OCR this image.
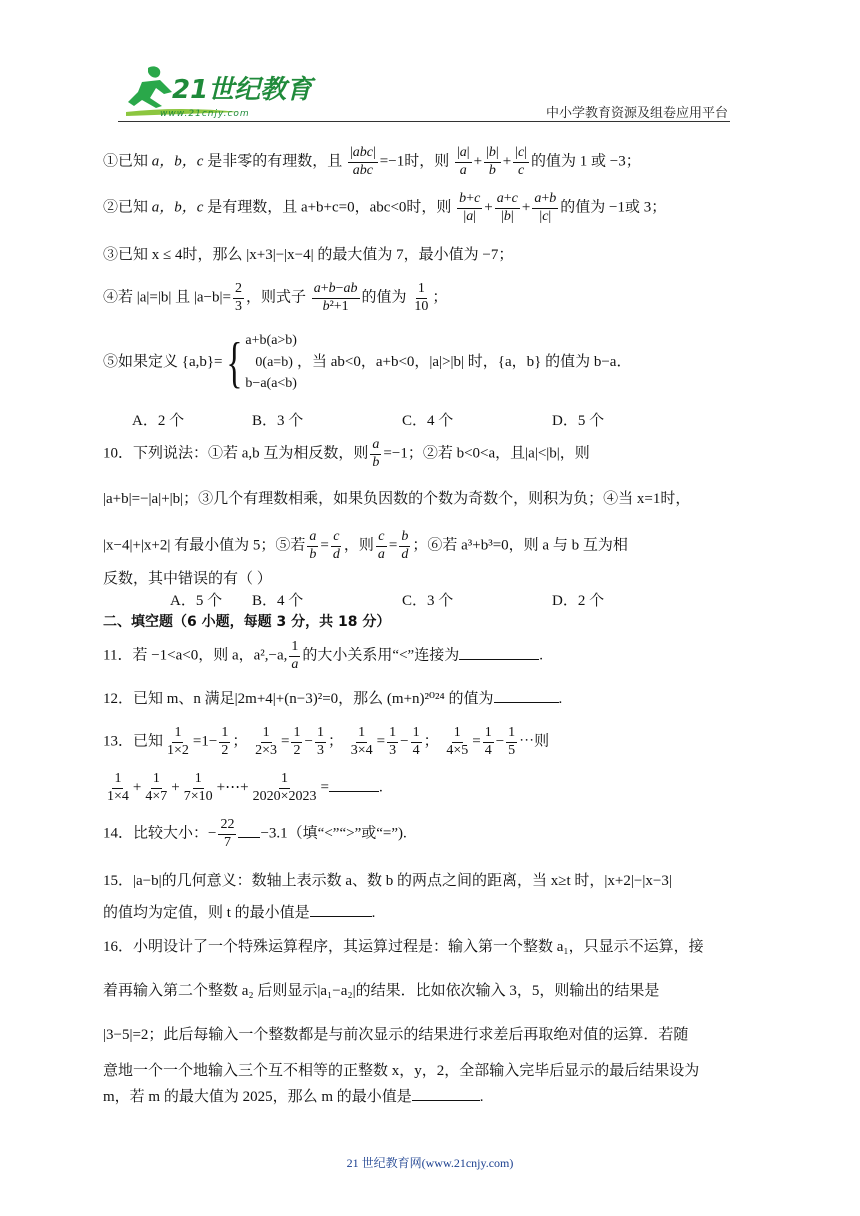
21世纪教育
www.21cnjy.com	中小学教育资源及组卷应用平台
①已知 a，b，c 是非零的有理数，且 $\frac{\text{|abc|}}{\text{abc}} =-1$时，则 $\frac{|a|}{a} + \frac{|b|}{b} + \frac{|c|}{c}$ 的值为 1 或 −3；
②已知 a，b，c 是有理数，且 a+b+c=0，abc<0时，则 $\frac{b+c}{|a|} + \frac{a+c}{|b|} + \frac{a+b}{|c|}$ 的值为 −1或 3；
③已知 x ≤ 4时，那么 |x+3|−|x−4| 的最大值为 7，最小值为 −7；
④若 |a|=|b| 且 $|a-b|= \frac{2}{3}$ ，则式子 $\frac{a+b-ab}{\text{b²+1}}$ 的值为 $\frac{1}{10}$ ；
⑤如果定义 {a,b}={ a+b(a>b)
0(a=b)
b−a(a<b)
，当 ab<0，a+b<0，|a|>|b| 时，{a，b} 的值为 b−a．
A．2 个	B．3 个	C．4 个	D．5 个
10．下列说法：①若 a,b 互为相反数，则 $\frac{a}{b} =-1$；②若 b<0<a，且|a|<|b|，则
|a+b|=−|a|+|b|；③几个有理数相乘，如果负因数的个数为奇数个，则积为负；④当 x=1时，
|x−4|+|x+2| 有最小值为 5；⑤若 $\frac{a}{b} = \frac{c}{d}$ ，则 $\frac{c}{a} = \frac{b}{d}$ ；⑥若 a³+b³=0，则 a 与 b 互为相
反数，其中错误的有（ ）
A．5 个 B．4 个	C．3 个	D．2 个
二、填空题（6 小题，每题 3 分，共 18 分）
11．若 −1<a<0，则 a，a²,−a, $\frac{1}{a}$ 的大小关系用“<”连接为	.
12．已知 m、n 满足|2m+4|+(n−3)²=0，那么 (m+n)²⁰²⁴ 的值为	.
13．已知 $\frac{1}{1\times 2} =1- \frac{1}{2}$ ； $\frac{1}{2\times 3} = \frac{1}{2} - \frac{1}{3}$ ； $\frac{1}{3\times 4} = \frac{1}{3} - \frac{1}{4}$ ； $\frac{1}{4\times 5} = \frac{1}{4} - \frac{1}{5}$ ⋯则
$\frac{1}{1\times 4} + \frac{1}{4\times 7} + \frac{1}{7\times 10}$ +⋯+ $\frac{1}{2020\times 2023}$ =	.
14．比较大小：− $\frac{22}{7} -3.1$（填“<”“>”或“=”).
15．|a−b|的几何意义：数轴上表示数 a、数 b 的两点之间的距离，当 x≥t 时，|x+2|−|x−3|
的值均为定值，则 t 的最小值是	.
16．小明设计了一个特殊运算程序，其运算过程是：输入第一个整数 a₁，只显示不运算，接
着再输入第二个整数 a₂ 后则显示|a₁−a₂|的结果．比如依次输入 3，5，则输出的结果是
|3−5|=2；此后每输入一个整数都是与前次显示的结果进行求差后再取绝对值的运算．若随
意地一个一个地输入三个互不相等的正整数 x，y，2，全部输入完毕后显示的最后结果设为
m，若 m 的最大值为 2025，那么 m 的最小值是	.
21 世纪教育网(www.21cnjy.com)
